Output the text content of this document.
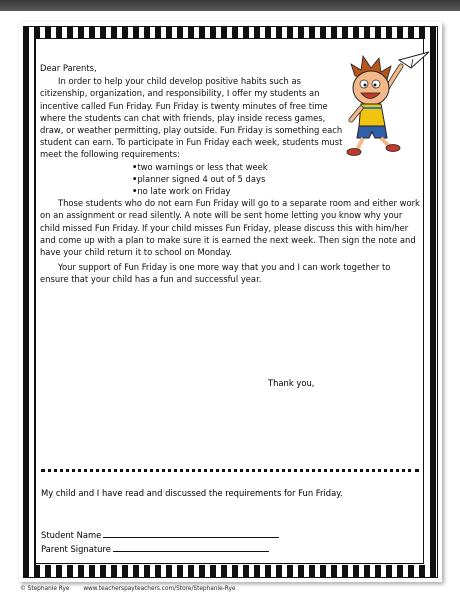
Dear Parents,

In order to help your child develop positive habits such as citizenship, organization, and responsibility, I offer my students an incentive called Fun Friday. Fun Friday is twenty minutes of free time where the students can chat with friends, play inside recess games, draw, or weather permitting, play outside. Fun Friday is something each student can earn. To participate in Fun Friday each week, students must meet the following requirements:

• two warnings or less that week
• planner signed 4 out of 5 days
• no late work on Friday

Those students who do not earn Fun Friday will go to a separate room and either work on an assignment or read silently. A note will be sent home letting you know why your child missed Fun Friday. If your child misses Fun Friday, please discuss this with him/her and come up with a plan to make sure it is earned the next week. Then sign the note and have your child return it to school on Monday.

Your support of Fun Friday is one more way that you and I can work together to ensure that your child has a fun and successful year.

Thank you,
My child and I have read and discussed the requirements for Fun Friday.
Student Name
Parent Signature
© Stephanie Rye www.teacherspayteachers.com/Store/Stephanie-Rye
